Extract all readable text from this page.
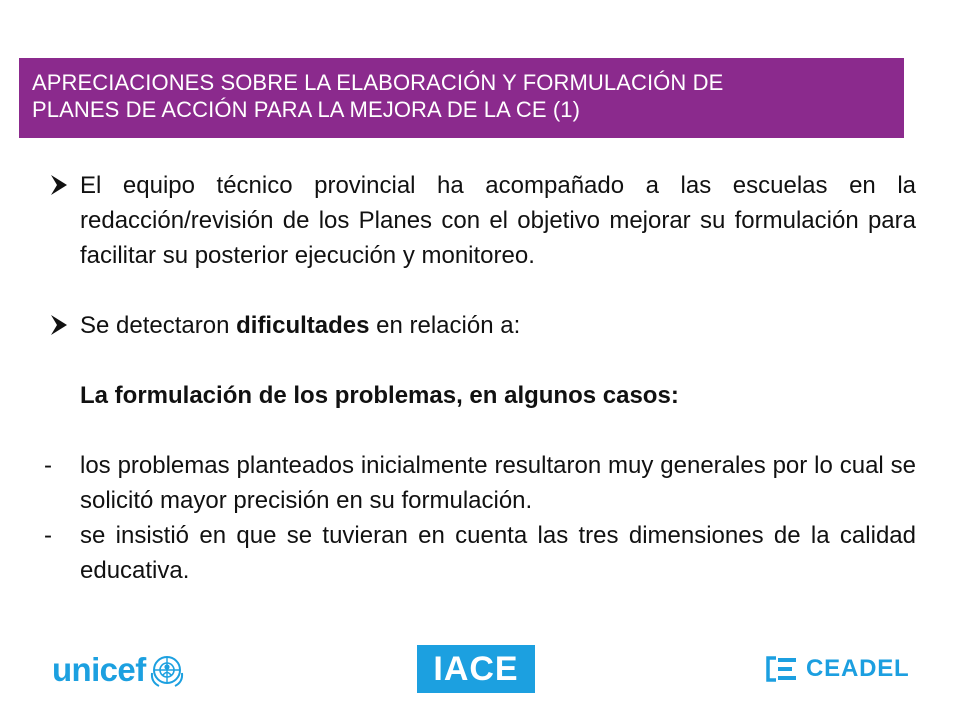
APRECIACIONES SOBRE LA ELABORACIÓN Y FORMULACIÓN DE
PLANES DE ACCIÓN PARA LA MEJORA DE LA CE (1)
El equipo técnico provincial ha acompañado a las escuelas en la redacción/revisión de los Planes con el objetivo mejorar su formulación para facilitar su posterior ejecución y monitoreo.
Se detectaron dificultades en relación a:
La formulación de los problemas, en algunos casos:
-	los problemas planteados inicialmente resultaron muy generales por lo cual se solicitó mayor precisión en su formulación.
-	se insistió en que se tuvieran en cuenta las tres dimensiones de la calidad educativa.
unicef	IACE	CEADEL
